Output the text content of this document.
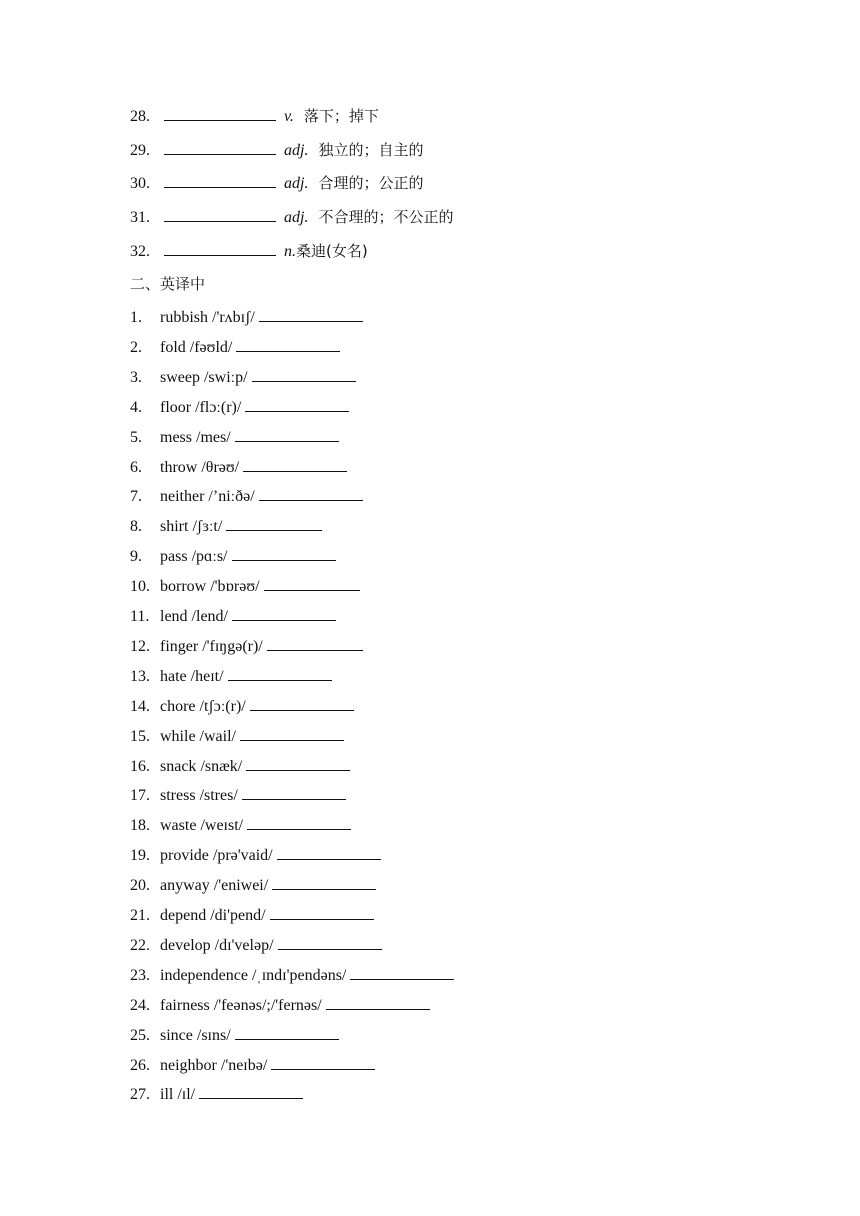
28.	v. 落下；掉下
29.	adj. 独立的；自主的
30.	adj. 合理的；公正的
31.	adj. 不合理的；不公正的
32.	n.桑迪(女名)
二、英译中
1. rubbish /'rʌbɪʃ/
2. fold /fəʊld/
3. sweep /swiːp/
4. floor /flɔː(r)/
5. mess /mes/
6. throw /θrəʊ/
7. neither /’niːðə/
8. shirt /ʃɜːt/
9. pass /pɑːs/
10. borrow /'bɒrəʊ/
11. lend /lend/
12. finger /'fɪŋgə(r)/
13. hate /heɪt/
14. chore /tʃɔː(r)/
15. while /wail/
16. snack /snæk/
17. stress /stres/
18. waste /weɪst/
19. provide /prə'vaid/
20. anyway /'eniwei/
21. depend /di'pend/
22. develop /dɪ'veləp/
23. independence /ˌɪndɪ'pendəns/
24. fairness /'feənəs/;/'fernəs/
25. since /sɪns/
26. neighbor /'neɪbə/
27. ill /ɪl/
